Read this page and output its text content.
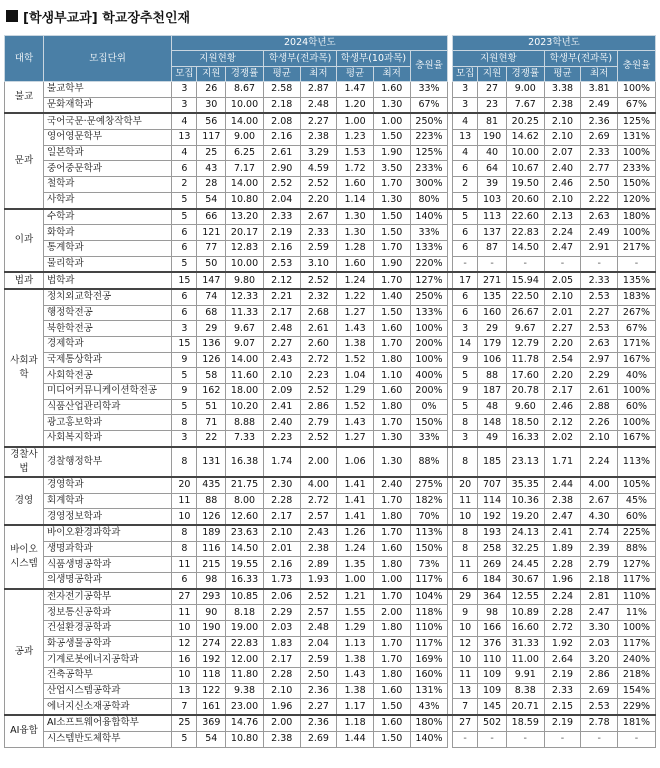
[학생부교과] 학교장추천인재
대학	모집단위	2024학년도									2023학년도					
		지원현황			학생부(전과목)		학생부(10과목)		충원율		지원현황			학생부(전과목)		충원율
		모집	지원	경쟁률	평균	최저	평균	최저			모집	지원	경쟁률	평균	최저	
불교	불교학부	3	26	8.67	2.58	2.87	1.47	1.60	33%		3	27	9.00	3.38	3.81	100%
	문화재학과	3	30	10.00	2.18	2.48	1.20	1.30	67%		3	23	7.67	2.38	2.49	67%
문과	국어국문·문예창작학부	4	56	14.00	2.08	2.27	1.00	1.00	250%		4	81	20.25	2.10	2.36	125%
	영어영문학부	13	117	9.00	2.16	2.38	1.23	1.50	223%		13	190	14.62	2.10	2.69	131%
	일본학과	4	25	6.25	2.61	3.29	1.53	1.90	125%		4	40	10.00	2.07	2.33	100%
	중어중문학과	6	43	7.17	2.90	4.59	1.72	3.50	233%		6	64	10.67	2.40	2.77	233%
	철학과	2	28	14.00	2.52	2.52	1.60	1.70	300%		2	39	19.50	2.46	2.50	150%
	사학과	5	54	10.80	2.04	2.20	1.14	1.30	80%		5	103	20.60	2.10	2.22	120%
이과	수학과	5	66	13.20	2.33	2.67	1.30	1.50	140%		5	113	22.60	2.13	2.63	180%
	화학과	6	121	20.17	2.19	2.33	1.30	1.50	33%		6	137	22.83	2.24	2.49	100%
	통계학과	6	77	12.83	2.16	2.59	1.28	1.70	133%		6	87	14.50	2.47	2.91	217%
	물리학과	5	50	10.00	2.53	3.10	1.60	1.90	220%		-	-	-	-	-	-
법과	법학과	15	147	9.80	2.12	2.52	1.24	1.70	127%		17	271	15.94	2.05	2.33	135%
사회과학	정치외교학전공	6	74	12.33	2.21	2.32	1.22	1.40	250%		6	135	22.50	2.10	2.53	183%
	행정학전공	6	68	11.33	2.17	2.68	1.27	1.50	133%		6	160	26.67	2.01	2.27	267%
	북한학전공	3	29	9.67	2.48	2.61	1.43	1.60	100%		3	29	9.67	2.27	2.53	67%
	경제학과	15	136	9.07	2.27	2.60	1.38	1.70	200%		14	179	12.79	2.20	2.63	171%
	국제통상학과	9	126	14.00	2.43	2.72	1.52	1.80	100%		9	106	11.78	2.54	2.97	167%
	사회학전공	5	58	11.60	2.10	2.23	1.04	1.10	400%		5	88	17.60	2.20	2.29	40%
	미디어커뮤니케이션학전공	9	162	18.00	2.09	2.52	1.29	1.60	200%		9	187	20.78	2.17	2.61	100%
	식품산업관리학과	5	51	10.20	2.41	2.86	1.52	1.80	0%		5	48	9.60	2.46	2.88	60%
	광고홍보학과	8	71	8.88	2.40	2.79	1.43	1.70	150%		8	148	18.50	2.12	2.26	100%
	사회복지학과	3	22	7.33	2.23	2.52	1.27	1.30	33%		3	49	16.33	2.02	2.10	167%
경찰사법	경찰행정학부	8	131	16.38	1.74	2.00	1.06	1.30	88%		8	185	23.13	1.71	2.24	113%
경영	경영학과	20	435	21.75	2.30	4.00	1.41	2.40	275%		20	707	35.35	2.44	4.00	105%
	회계학과	11	88	8.00	2.28	2.72	1.41	1.70	182%		11	114	10.36	2.38	2.67	45%
	경영정보학과	10	126	12.60	2.17	2.57	1.41	1.80	70%		10	192	19.20	2.47	4.30	60%
바이오
시스템	바이오환경과학과	8	189	23.63	2.10	2.43	1.26	1.70	113%		8	193	24.13	2.41	2.74	225%
	생명과학과	8	116	14.50	2.01	2.38	1.24	1.60	150%		8	258	32.25	1.89	2.39	88%
	식품생명공학과	11	215	19.55	2.16	2.89	1.35	1.80	73%		11	269	24.45	2.28	2.79	127%
	의생명공학과	6	98	16.33	1.73	1.93	1.00	1.00	117%		6	184	30.67	1.96	2.18	117%
공과	전자전기공학부	27	293	10.85	2.06	2.52	1.21	1.70	104%		29	364	12.55	2.24	2.81	110%
	정보통신공학과	11	90	8.18	2.29	2.57	1.55	2.00	118%		9	98	10.89	2.28	2.47	11%
	건설환경공학과	10	190	19.00	2.03	2.48	1.29	1.80	110%		10	166	16.60	2.72	3.30	100%
	화공생물공학과	12	274	22.83	1.83	2.04	1.13	1.70	117%		12	376	31.33	1.92	2.03	117%
	기계로봇에너지공학과	16	192	12.00	2.17	2.59	1.38	1.70	169%		10	110	11.00	2.64	3.20	240%
	건축공학부	10	118	11.80	2.28	2.50	1.43	1.80	160%		11	109	9.91	2.19	2.86	218%
	산업시스템공학과	13	122	9.38	2.10	2.36	1.38	1.60	131%		13	109	8.38	2.33	2.69	154%
	에너지신소재공학과	7	161	23.00	1.96	2.27	1.17	1.50	43%		7	145	20.71	2.15	2.53	229%
AI융합	AI소프트웨어융합학부	25	369	14.76	2.00	2.36	1.18	1.60	180%		27	502	18.59	2.19	2.78	181%
	시스템반도체학부	5	54	10.80	2.38	2.69	1.44	1.50	140%		-	-	-	-	-	-
